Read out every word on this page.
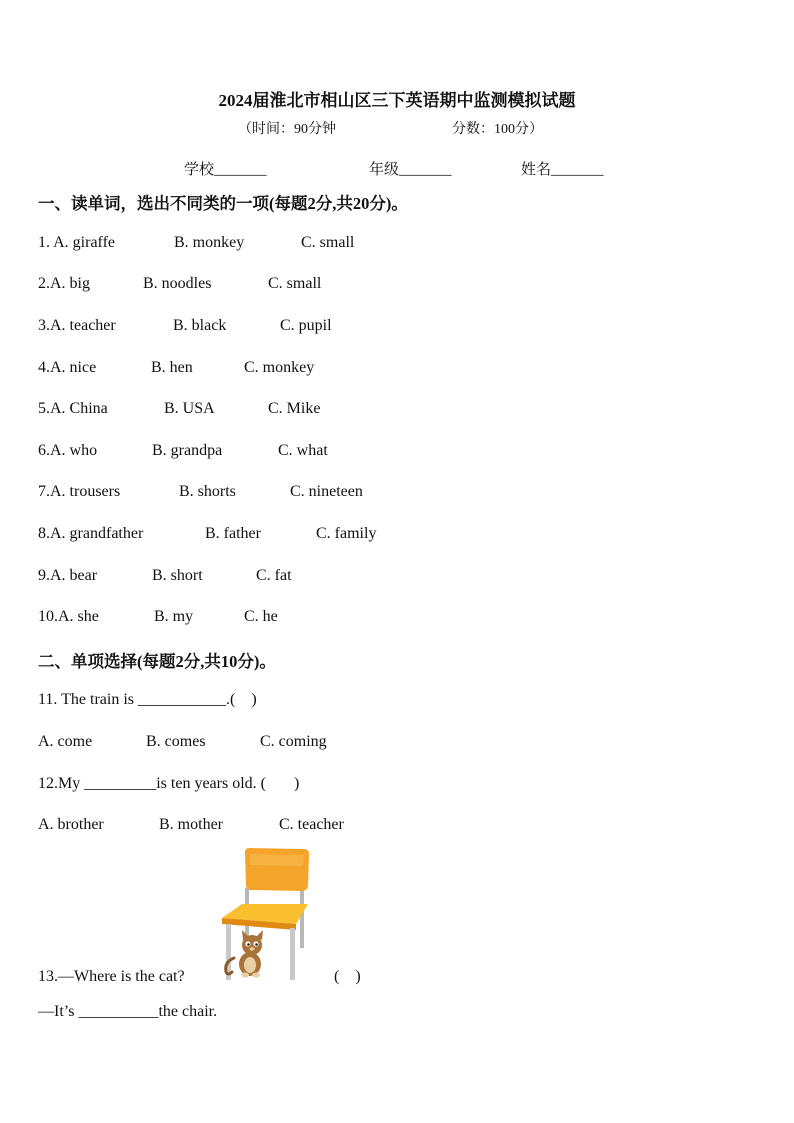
2024届淮北市相山区三下英语期中监测模拟试题
（时间：90分钟	分数：100分）
学校_______	年级_______	姓名_______
一、读单词，选出不同类的一项(每题2分,共20分)。
1. A. giraffe	B. monkey	C. small
2.A. big	B. noodles	C. small
3.A. teacher	B. black	C. pupil
4.A. nice	B. hen	C. monkey
5.A. China	B. USA	C. Mike
6.A. who	B. grandpa	C. what
7.A. trousers	B. shorts	C. nineteen
8.A. grandfather	B. father	C. family
9.A. bear	B. short	C. fat
10.A. she	B. my	C. he
二、单项选择(每题2分,共10分)。
11. The train is ___________.(    )
A. come	B. comes	C. coming
12.My _________is ten years old. (       )
A. brother	B. mother	C. teacher
13.—Where is the cat?	(    )
—It’s __________the chair.
